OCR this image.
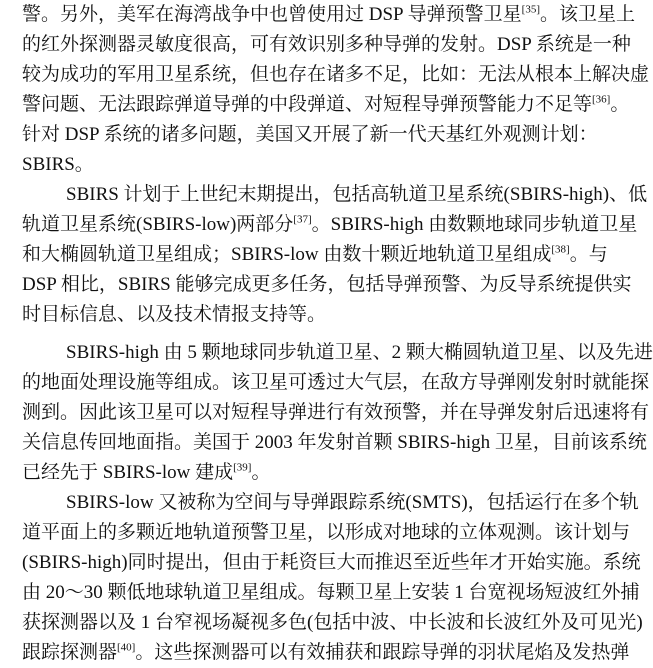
警。另外，美军在海湾战争中也曾使用过 DSP 导弹预警卫星[35]。该卫星上
的红外探测器灵敏度很高，可有效识别多种导弹的发射。DSP 系统是一种
较为成功的军用卫星系统，但也存在诸多不足，比如：无法从根本上解决虚
警问题、无法跟踪弹道导弹的中段弹道、对短程导弹预警能力不足等[36]。
针对 DSP 系统的诸多问题，美国又开展了新一代天基红外观测计划：
SBIRS。
SBIRS 计划于上世纪末期提出，包括高轨道卫星系统(SBIRS-high)、低
轨道卫星系统(SBIRS-low)两部分[37]。SBIRS-high 由数颗地球同步轨道卫星
和大椭圆轨道卫星组成；SBIRS-low 由数十颗近地轨道卫星组成[38]。与
DSP 相比，SBIRS 能够完成更多任务，包括导弹预警、为反导系统提供实
时目标信息、以及技术情报支持等。
SBIRS-high 由 5 颗地球同步轨道卫星、2 颗大椭圆轨道卫星、以及先进
的地面处理设施等组成。该卫星可透过大气层，在敌方导弹刚发射时就能探
测到。因此该卫星可以对短程导弹进行有效预警，并在导弹发射后迅速将有
关信息传回地面指。美国于 2003 年发射首颗 SBIRS-high 卫星，目前该系统
已经先于 SBIRS-low 建成[39]。
SBIRS-low 又被称为空间与导弹跟踪系统(SMTS)，包括运行在多个轨
道平面上的多颗近地轨道预警卫星，以形成对地球的立体观测。该计划与
(SBIRS-high)同时提出，但由于耗资巨大而推迟至近些年才开始实施。系统
由 20～30 颗低地球轨道卫星组成。每颗卫星上安装 1 台宽视场短波红外捕
获探测器以及 1 台窄视场凝视多色(包括中波、中长波和长波红外及可见光)
跟踪探测器[40]。这些探测器可以有效捕获和跟踪导弹的羽状尾焰及发热弹
